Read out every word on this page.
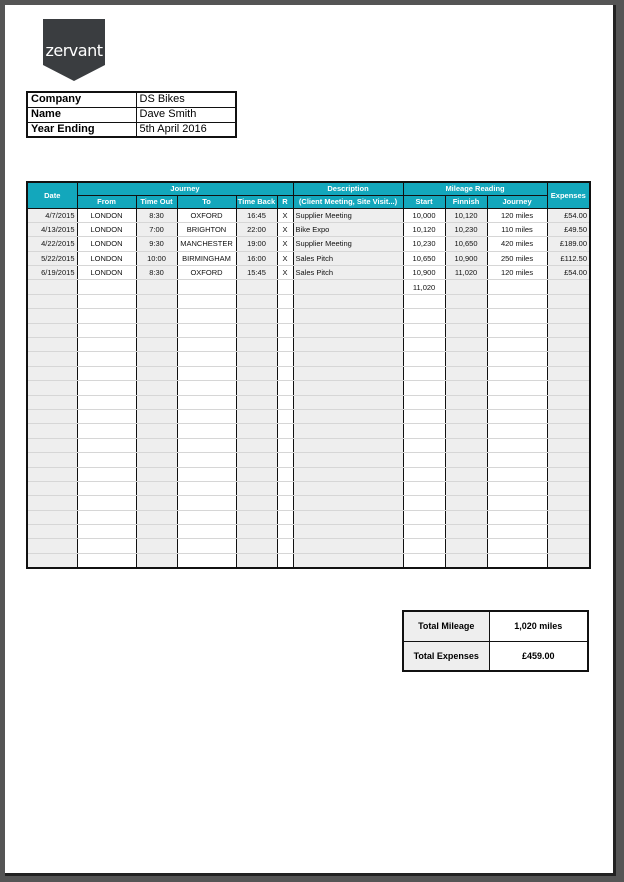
zervant
Company	DS Bikes
Name	Dave Smith
Year Ending	5th April 2016
Date	Journey					Description	Mileage Reading			Expenses
	From	Time Out	To	Time Back	R	(Client Meeting, Site Visit...)	Start	Finnish	Journey	
4/7/2015	LONDON	8:30	OXFORD	16:45	X	Supplier Meeting	10,000	10,120	120 miles	£54.00
4/13/2015	LONDON	7:00	BRIGHTON	22:00	X	Bike Expo	10,120	10,230	110 miles	£49.50
4/22/2015	LONDON	9:30	MANCHESTER	19:00	X	Supplier Meeting	10,230	10,650	420 miles	£189.00
5/22/2015	LONDON	10:00	BIRMINGHAM	16:00	X	Sales Pitch	10,650	10,900	250 miles	£112.50
6/19/2015	LONDON	8:30	OXFORD	15:45	X	Sales Pitch	10,900	11,020	120 miles	£54.00
							11,020			

Total Mileage	1,020 miles
Total Expenses	£459.00
